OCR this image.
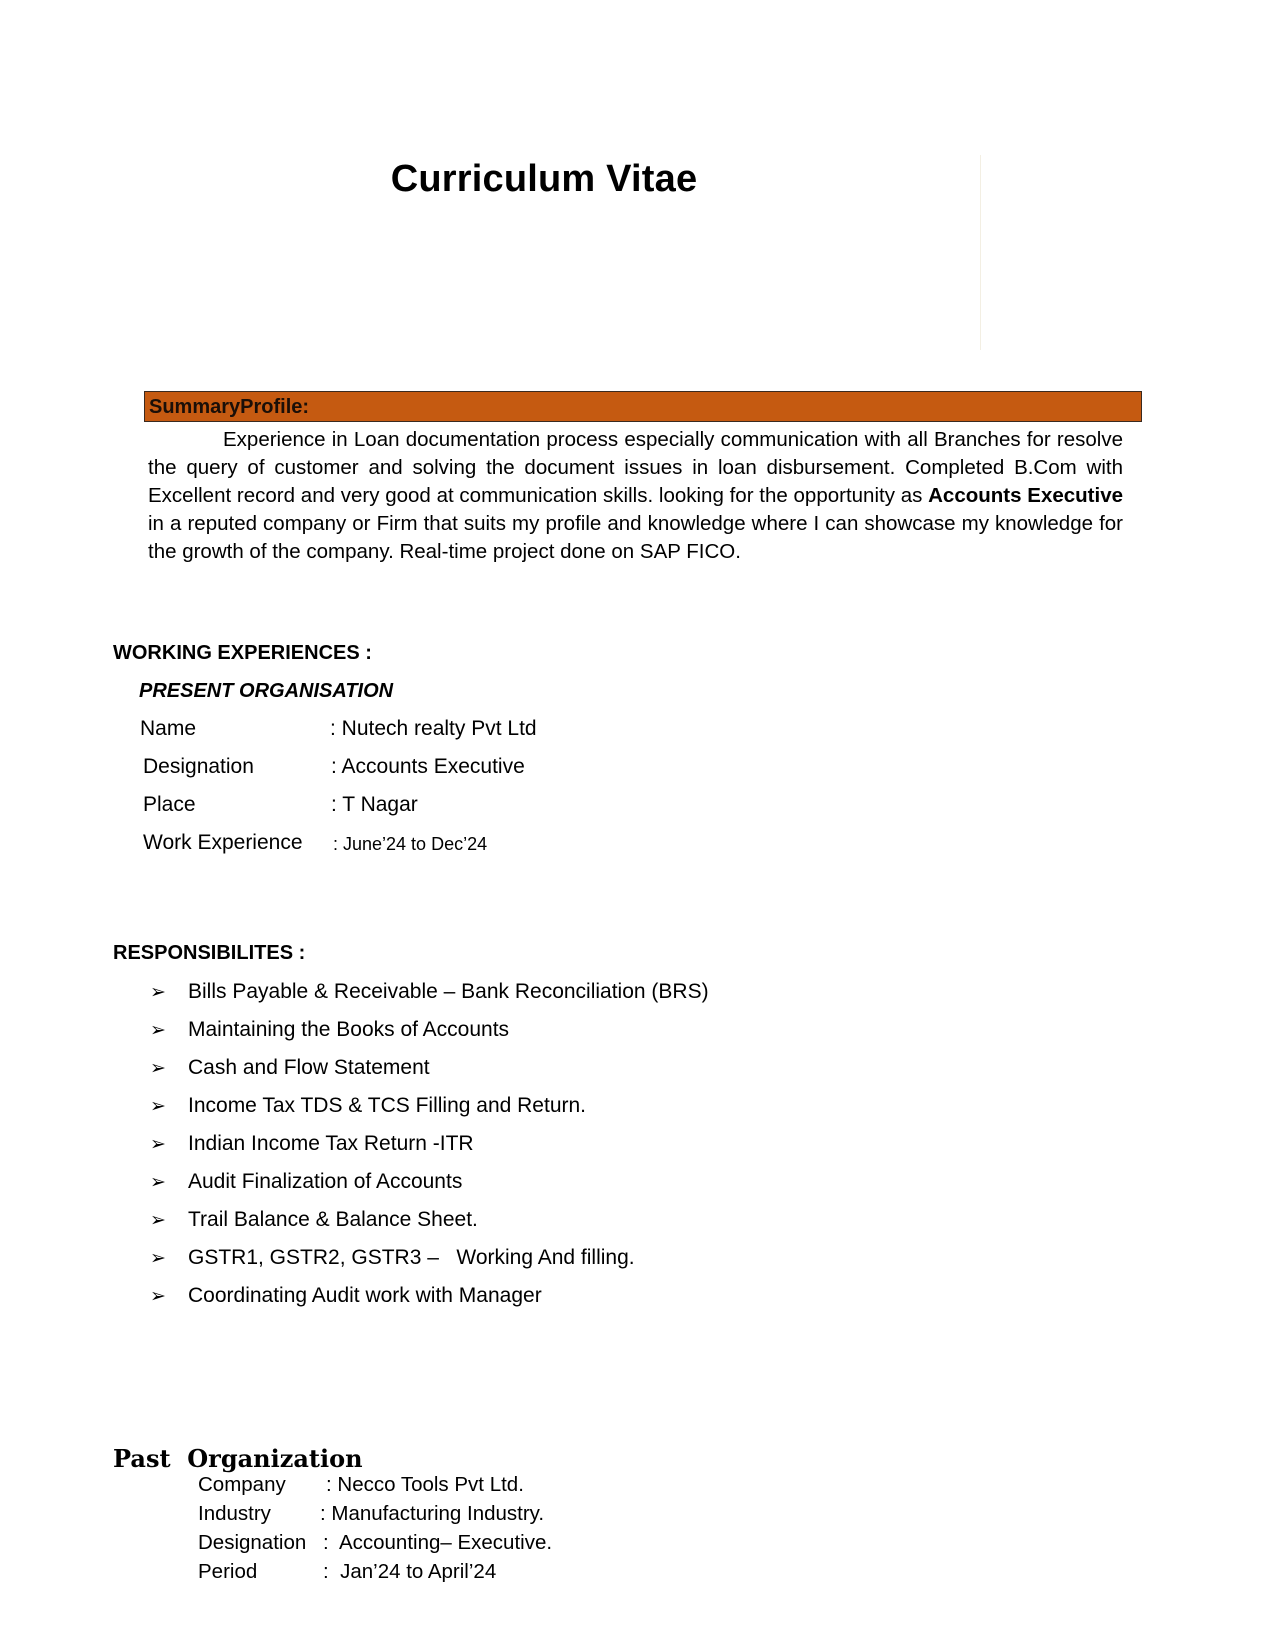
Curriculum Vitae
SummaryProfile:
Experience in Loan documentation process especially communication with all Branches for resolve the query of customer and solving the document issues in loan disbursement. Completed B.Com with Excellent record and very good at communication skills. looking for the opportunity as Accounts Executive in a reputed company or Firm that suits my profile and knowledge where I can showcase my knowledge for the growth of the company. Real-time project done on SAP FICO.
WORKING EXPERIENCES :
PRESENT ORGANISATION
Name	: Nutech realty Pvt Ltd
Designation	: Accounts Executive
Place	: T Nagar
Work Experience : June’24 to Dec’24
RESPONSIBILITES :
➢ Bills Payable & Receivable – Bank Reconciliation (BRS)
➢ Maintaining the Books of Accounts
➢ Cash and Flow Statement
➢ Income Tax TDS & TCS Filling and Return.
➢ Indian Income Tax Return -ITR
➢ Audit Finalization of Accounts
➢ Trail Balance & Balance Sheet.
➢ GSTR1, GSTR2, GSTR3 –   Working And filling.
➢ Coordinating Audit work with Manager
Past  Organization
Company : Necco Tools Pvt Ltd.
Industry : Manufacturing Industry.
Designation :  Accounting– Executive.
Period	:  Jan’24 to April’24
